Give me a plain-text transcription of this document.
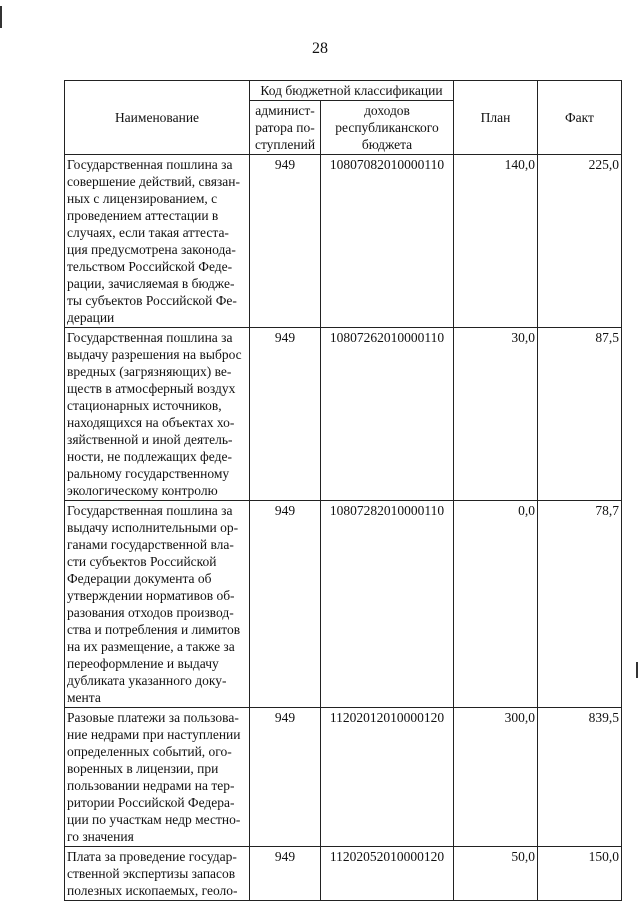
28
Наименование	Код бюджетной классификации		План	Факт
	админист-ратора по-ступлений	доходов республиканского бюджета		
Государственная пошлина за совершение действий, связан-ных с лицензированием, с проведением аттестации в случаях, если такая аттеста-ция предусмотрена законода-тельством Российской Феде-рации, зачисляемая в бюдже-ты субъектов Российской Фе-дерации	949	10807082010000110	140,0	225,0
Государственная пошлина за выдачу разрешения на выброс вредных (загрязняющих) ве-ществ в атмосферный воздух стационарных источников, находящихся на объектах хо-зяйственной и иной деятель-ности, не подлежащих феде-ральному государственному экологическому контролю	949	10807262010000110	30,0	87,5
Государственная пошлина за выдачу исполнительными ор-ганами государственной вла-сти субъектов Российской Федерации документа об утверждении нормативов об-разования отходов производ-ства и потребления и лимитов на их размещение, а также за переоформление и выдачу дубликата указанного доку-мента	949	10807282010000110	0,0	78,7
Разовые платежи за пользова-ние недрами при наступлении определенных событий, ого-воренных в лицензии, при пользовании недрами на тер-ритории Российской Федера-ции по участкам недр местно-го значения	949	11202012010000120	300,0	839,5
Плата за проведение государ-ственной экспертизы запасов полезных ископаемых, геоло-	949	11202052010000120	50,0	150,0
